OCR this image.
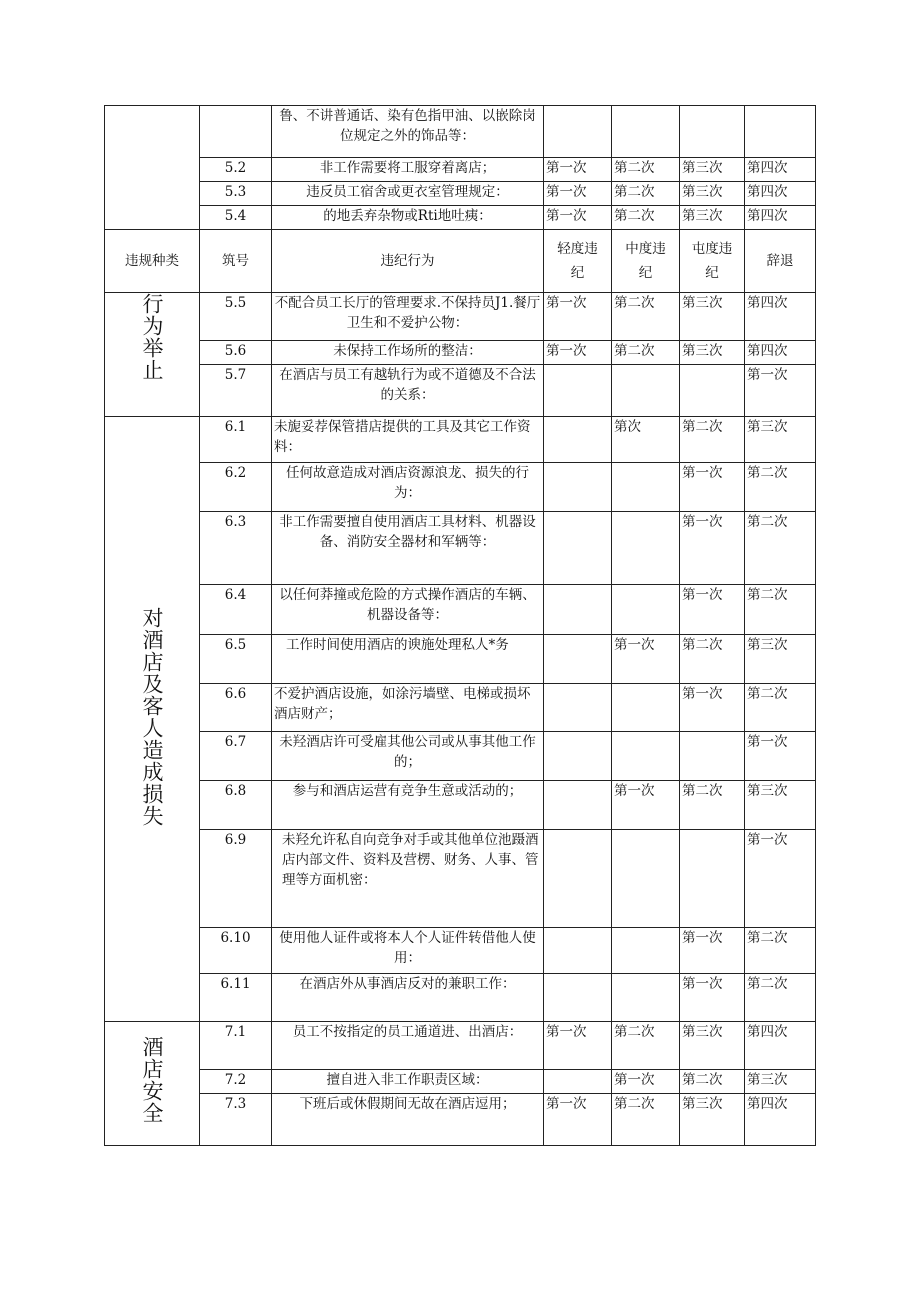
		鲁、不讲普通话、染有色指甲油、以嵌除岗位规定之外的饰品等：				
	5.2	非工作需要将工服穿着离店；	第一次	第二次	第三次	第四次
	5.3	违反员工宿舍或更衣室管理规定：	第一次	第二次	第三次	第四次
	5.4	的地丢弃杂物或Rti地吐痍：	第一次	第二次	第三次	第四次
违规种类	筑号	违纪行为	轻度违纪	中度违纪	屯度违纪	辞退
行为举止	5.5	不配合员工长厅的管理要求.不保持员J1.餐厅卫生和不爱护公物：	第一次	第二次	第三次	第四次
	5.6	未保持工作场所的整洁：	第一次	第二次	第三次	第四次
	5.7	在酒店与员工有越轨行为或不道德及不合法的关系：				第一次
对酒店及客人造成损失	6.1	未旎妥荐保管措店提供的工具及其它工作资料：		第次	第二次	第三次
	6.2	任何故意造成对酒店资源浪龙、损失的行为：			第一次	第二次
	6.3	非工作需要擅自使用酒店工具材料、机器设备、消防安全器材和军辆等：			第一次	第二次
	6.4	以任何莽撞或危险的方式操作酒店的车辆、机器设备等：			第一次	第二次
	6.5	工作时间使用酒店的谀施处理私人*务		第一次	第二次	第三次
	6.6	不爱护酒店设施，如涂污墙壁、电梯或损坏酒店财产；			第一次	第二次
	6.7	未羟酒店许可受雇其他公司或从事其他工作的；				第一次
	6.8	参与和酒店运营有竞争生意或活动的；		第一次	第二次	第三次
	6.9	未羟允许私自向竞争对手或其他单位池蹑酒店内部文件、资料及营楞、财务、人事、管理等方面机密：				第一次
	6.10	使用他人证件或将本人个人证件转借他人使用：			第一次	第二次
	6.11	在酒店外从事酒店反对的兼职工作：			第一次	第二次
酒店安全	7.1	员工不按指定的员工通道进、出酒店：	第一次	第二次	第三次	第四次
	7.2	擅自进入非工作职责区域：		第一次	第二次	第三次
	7.3	下班后或休假期间无故在酒店逗用；	第一次	第二次	第三次	第四次
